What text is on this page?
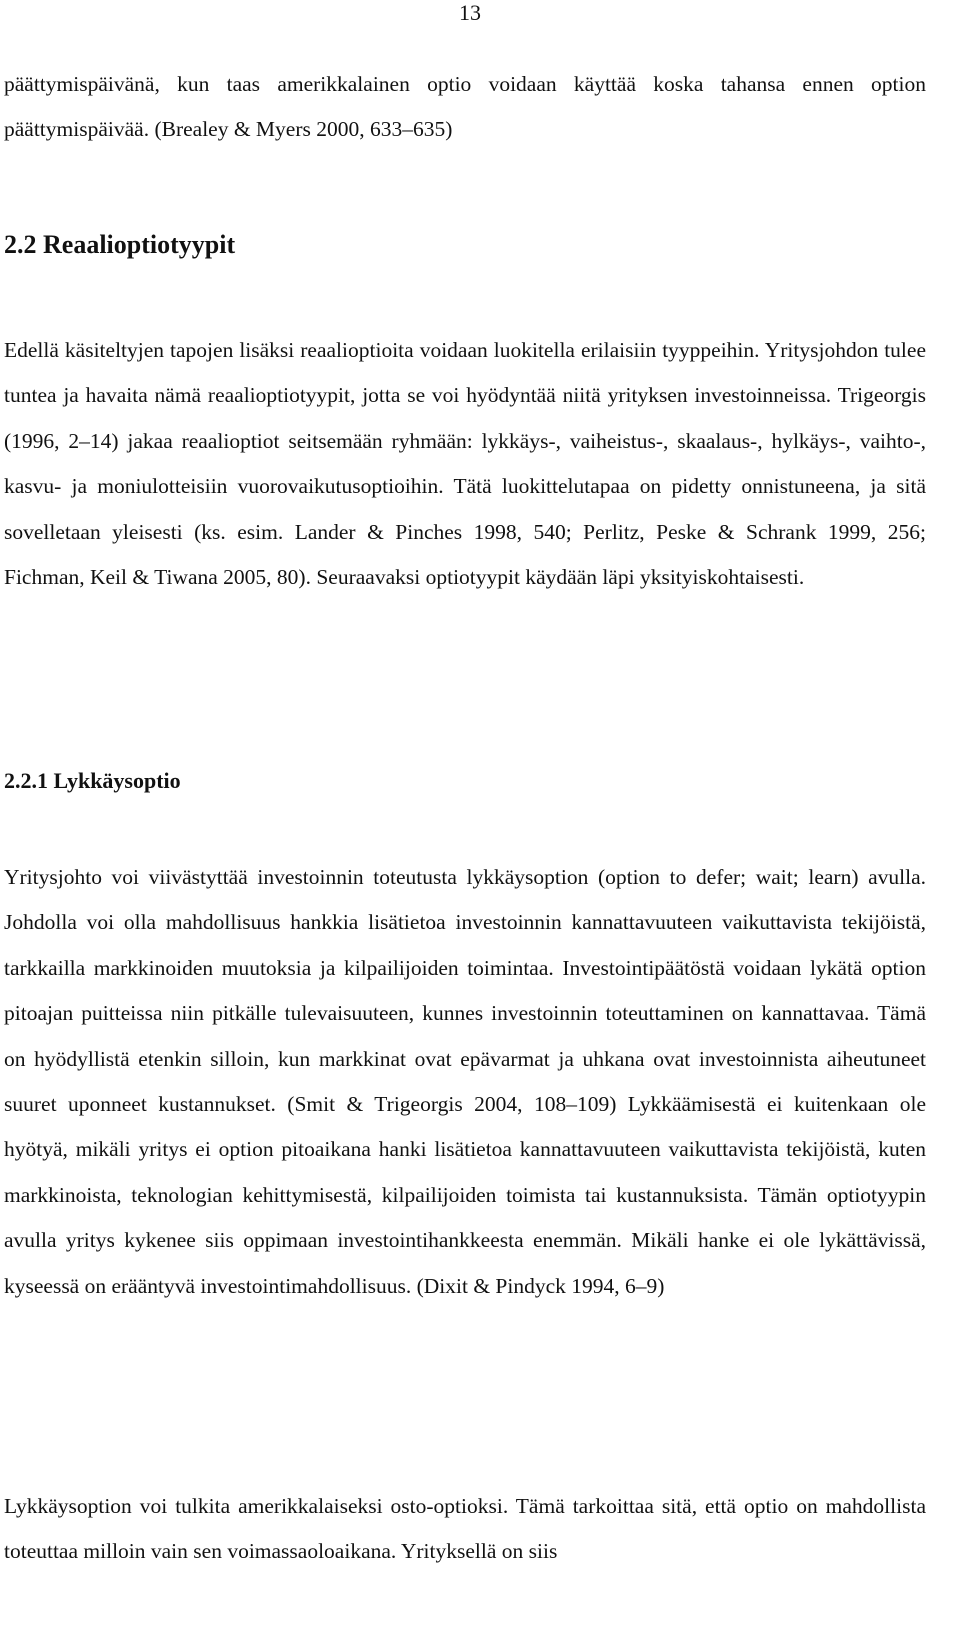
13

päättymispäivänä, kun taas amerikkalainen optio voidaan käyttää koska tahansa ennen option päättymispäivää. (Brealey & Myers 2000, 633–635)

2.2 Reaalioptiotyypit

Edellä käsiteltyjen tapojen lisäksi reaalioptioita voidaan luokitella erilaisiin tyyppeihin. Yritysjohdon tulee tuntea ja havaita nämä reaalioptiotyypit, jotta se voi hyödyntää niitä yrityksen investoinneissa. Trigeorgis (1996, 2–14) jakaa reaalioptiot seitsemään ryhmään: lykkäys-, vaiheistus-, skaalaus-, hylkäys-, vaihto-, kasvu- ja moniulotteisiin vuorovaikutusoptioihin. Tätä luokittelutapaa on pidetty onnistuneena, ja sitä sovelletaan yleisesti (ks. esim. Lander & Pinches 1998, 540; Perlitz, Peske & Schrank 1999, 256; Fichman, Keil & Tiwana 2005, 80). Seuraavaksi optiotyypit käydään läpi yksityiskohtaisesti.

2.2.1 Lykkäysoptio

Yritysjohto voi viivästyttää investoinnin toteutusta lykkäysoption (option to defer; wait; learn) avulla. Johdolla voi olla mahdollisuus hankkia lisätietoa investoinnin kannattavuuteen vaikuttavista tekijöistä, tarkkailla markkinoiden muutoksia ja kilpailijoiden toimintaa. Investointipäätöstä voidaan lykätä option pitoajan puitteissa niin pitkälle tulevaisuuteen, kunnes investoinnin toteuttaminen on kannattavaa. Tämä on hyödyllistä etenkin silloin, kun markkinat ovat epävarmat ja uhkana ovat investoinnista aiheutuneet suuret uponneet kustannukset. (Smit & Trigeorgis 2004, 108–109) Lykkäämisestä ei kuitenkaan ole hyötyä, mikäli yritys ei option pitoaikana hanki lisätietoa kannattavuuteen vaikuttavista tekijöistä, kuten markkinoista, teknologian kehittymisestä, kilpailijoiden toimista tai kustannuksista. Tämän optiotyypin avulla yritys kykenee siis oppimaan investointihankkeesta enemmän. Mikäli hanke ei ole lykättävissä, kyseessä on erääntyvä investointimahdollisuus. (Dixit & Pindyck 1994, 6–9)

Lykkäysoption voi tulkita amerikkalaiseksi osto-optioksi. Tämä tarkoittaa sitä, että optio on mahdollista toteuttaa milloin vain sen voimassaoloaikana. Yrityksellä on siis
